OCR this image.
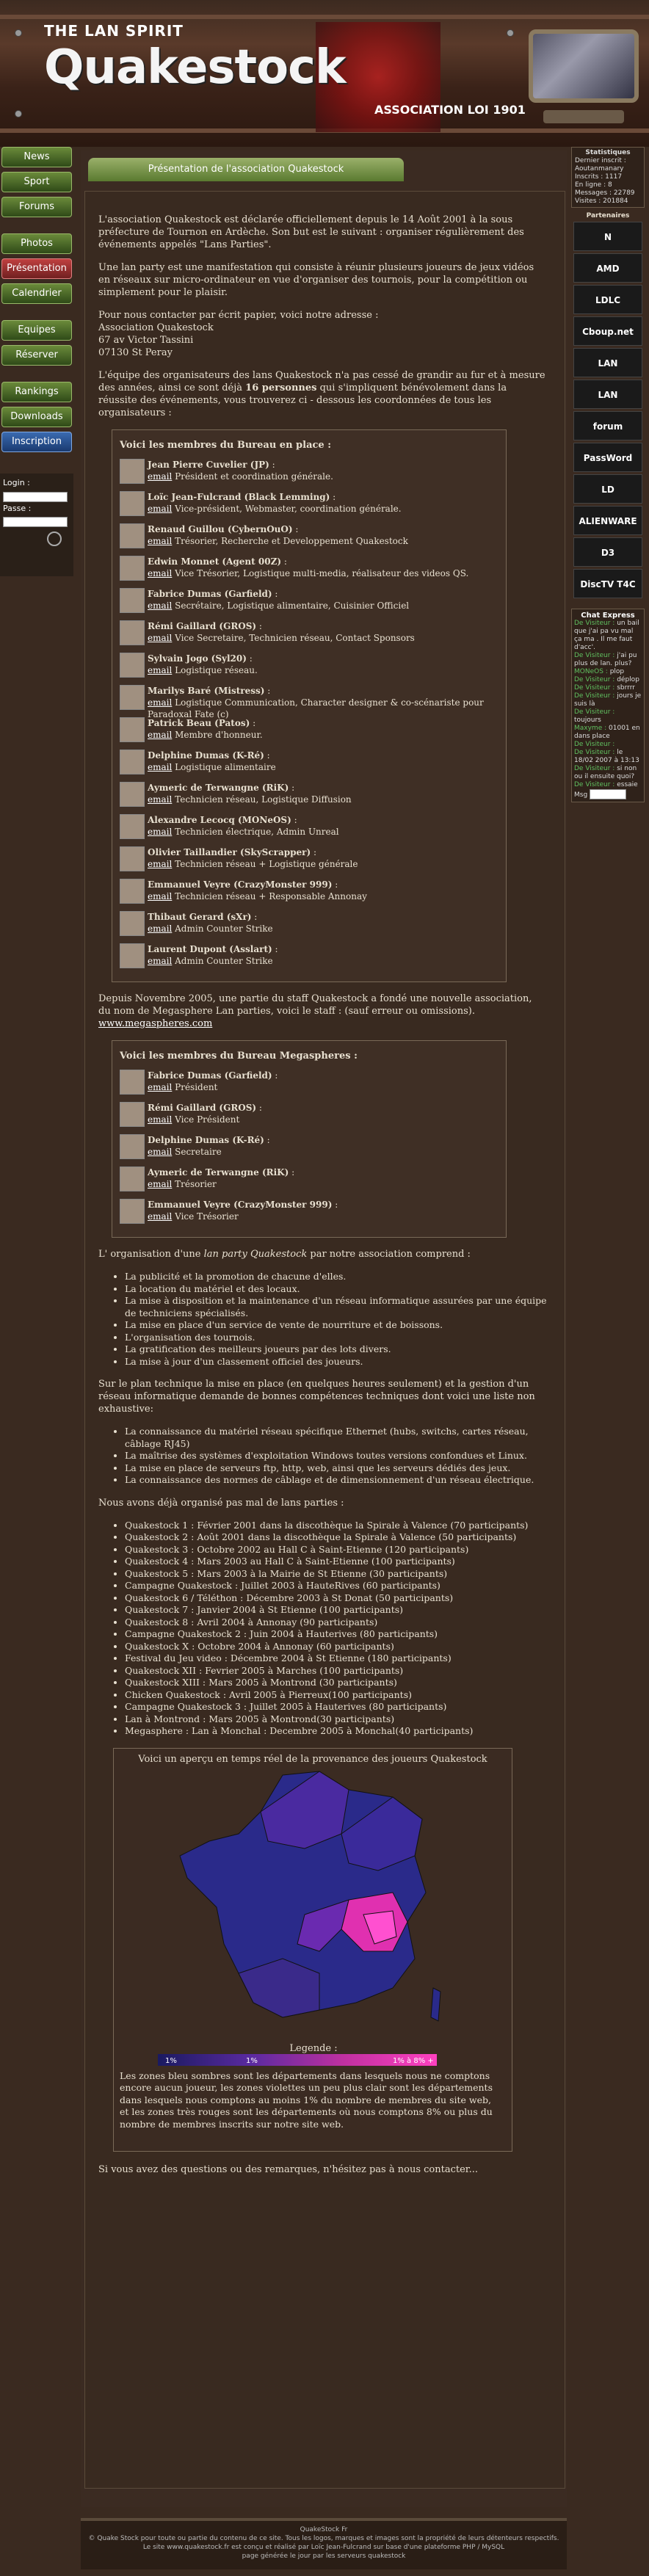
THE LAN SPIRIT
Quakestock
ASSOCIATION LOI 1901
News
Sport
Forums
Photos
Présentation
Calendrier
Equipes
Réserver
Rankings
Downloads
Inscription
Login :
Passe :
Présentation de l'association Quakestock

L'association Quakestock est déclarée officiellement depuis le 14 Août 2001 à la sous préfecture de Tournon en Ardèche. Son but est le suivant : organiser régulièrement des événements appelés "Lans Parties".

Une lan party est une manifestation qui consiste à réunir plusieurs joueurs de jeux vidéos en réseaux sur micro-ordinateur en vue d'organiser des tournois, pour la compétition ou simplement pour le plaisir.

Pour nous contacter par écrit papier, voici notre adresse :
Association Quakestock
67 av Victor Tassini
07130 St Peray

L'équipe des organisateurs des lans Quakestock n'a pas cessé de grandir au fur et à mesure des années, ainsi ce sont déjà 16 personnes qui s'impliquent bénévolement dans la réussite des événements, vous trouverez ci - dessous les coordonnées de tous les organisateurs :

Voici les membres du Bureau en place :
Jean Pierre Cuvelier (JP) :
email Président et coordination générale.
Loïc Jean-Fulcrand (Black Lemming) :
email Vice-président, Webmaster, coordination générale.
Renaud Guillou (CybernOuO) :
email Trésorier, Recherche et Developpement Quakestock
Edwin Monnet (Agent 00Z) :
email Vice Trésorier, Logistique multi-media, réalisateur des videos QS.
Fabrice Dumas (Garfield) :
email Secrétaire, Logistique alimentaire, Cuisinier Officiel
Rémi Gaillard (GROS) :
email Vice Secretaire, Technicien réseau, Contact Sponsors
Sylvain Jogo (Syl20) :
email Logistique réseau.
Marilys Baré (Mistress) :
email Logistique Communication, Character designer & co-scénariste pour Paradoxal Fate (c)
Patrick Beau (Patos) :
email Membre d'honneur.
Delphine Dumas (K-Ré) :
email Logistique alimentaire
Aymeric de Terwangne (RiK) :
email Technicien réseau, Logistique Diffusion
Alexandre Lecocq (MONeOS) :
email Technicien électrique, Admin Unreal
Olivier Taillandier (SkyScrapper) :
email Technicien réseau + Logistique générale
Emmanuel Veyre (CrazyMonster 999) :
email Technicien réseau + Responsable Annonay
Thibaut Gerard (sXr) :
email Admin Counter Strike
Laurent Dupont (Asslart) :
email Admin Counter Strike

Depuis Novembre 2005, une partie du staff Quakestock a fondé une nouvelle association, du nom de Megasphere Lan parties, voici le staff : (sauf erreur ou omissions). www.megaspheres.com

Voici les membres du Bureau Megaspheres :
Fabrice Dumas (Garfield) :
email Président
Rémi Gaillard (GROS) :
email Vice Président
Delphine Dumas (K-Ré) :
email Secretaire
Aymeric de Terwangne (RiK) :
email Trésorier
Emmanuel Veyre (CrazyMonster 999) :
email Vice Trésorier

L' organisation d'une lan party Quakestock par notre association comprend :

• La publicité et la promotion de chacune d'elles.
• La location du matériel et des locaux.
• La mise à disposition et la maintenance d'un réseau informatique assurées par une équipe de techniciens spécialisés.
• La mise en place d'un service de vente de nourriture et de boissons.
• L'organisation des tournois.
• La gratification des meilleurs joueurs par des lots divers.
• La mise à jour d'un classement officiel des joueurs.

Sur le plan technique la mise en place (en quelques heures seulement) et la gestion d'un réseau informatique demande de bonnes compétences techniques dont voici une liste non exhaustive:

• La connaissance du matériel réseau spécifique Ethernet (hubs, switchs, cartes réseau, câblage RJ45)
• La maîtrise des systèmes d'exploitation Windows toutes versions confondues et Linux.
• La mise en place de serveurs ftp, http, web, ainsi que les serveurs dédiés des jeux.
• La connaissance des normes de câblage et de dimensionnement d'un réseau électrique.

Nous avons déjà organisé pas mal de lans parties :

• Quakestock 1 : Février 2001 dans la discothèque la Spirale à Valence (70 participants)
• Quakestock 2 : Août 2001 dans la discothèque la Spirale à Valence (50 participants)
• Quakestock 3 : Octobre 2002 au Hall C à Saint-Etienne (120 participants)
• Quakestock 4 : Mars 2003 au Hall C à Saint-Etienne (100 participants)
• Quakestock 5 : Mars 2003 à la Mairie de St Etienne (30 participants)
• Campagne Quakestock : Juillet 2003 à HauteRives (60 participants)
• Quakestock 6 / Téléthon : Décembre 2003 à St Donat (50 participants)
• Quakestock 7 : Janvier 2004 à St Etienne (100 participants)
• Quakestock 8 : Avril 2004 à Annonay (90 participants)
• Campagne Quakestock 2 : Juin 2004 à Hauterives (80 participants)
• Quakestock X : Octobre 2004 à Annonay (60 participants)
• Festival du Jeu video : Décembre 2004 à St Etienne (180 participants)
• Quakestock XII : Fevrier 2005 à Marches (100 participants)
• Quakestock XIII : Mars 2005 à Montrond (30 participants)
• Chicken Quakestock : Avril 2005 à Pierreux(100 participants)
• Campagne Quakestock 3 : Juillet 2005 à Hauterives (80 participants)
• Lan à Montrond : Mars 2005 à Montrond(30 participants)
• Megasphere : Lan à Monchal : Decembre 2005 à Monchal(40 participants)
Voici un aperçu en temps réel de la provenance des joueurs Quakestock
Legende :
1%	1%	1% à 8% +
Les zones bleu sombres sont les départements dans lesquels nous ne comptons encore aucun joueur, les zones violettes un peu plus clair sont les départements dans lesquels nous comptons au moins 1% du nombre de membres du site web, et les zones très rouges sont les départements où nous comptons 8% ou plus du nombre de membres inscrits sur notre site web.

Si vous avez des questions ou des remarques, n'hésitez pas à nous contacter...

Statistiques
Dernier inscrit :
Aoutanmanary
Inscrits : 1117
En ligne : 8
Messages : 22789
Visites : 201884
Partenaires
N
AMD
LDLC
Cboup.net
LAN
LAN
forum
PassWord
LD
ALIENWARE
D3
DiscTV T4C
Chat Express
De Visiteur : un bail que j'ai pa vu mal ça ma . Il me faut d'acc'.
De Visiteur : j'ai pu plus de lan. plus?
MONeOS : plop
De Visiteur : déplop
De Visiteur : sbrrrr
De Visiteur : jours je suis là
De Visiteur : toujours
Maxyme : 01001 en dans place
De Visiteur :
De Visiteur : le 18/02 2007 à 13:13
De Visiteur : si non ou il ensuite quoi?
De Visiteur : essaie
Msg
QuakeStock Fr
© Quake Stock pour toute ou partie du contenu de ce site. Tous les logos, marques et images sont la propriété de leurs détenteurs respectifs.
Le site www.quakestock.fr est conçu et réalisé par Loïc Jean-Fulcrand sur base d'une plateforme PHP / MySQL
page générée le jour par les serveurs quakestock
